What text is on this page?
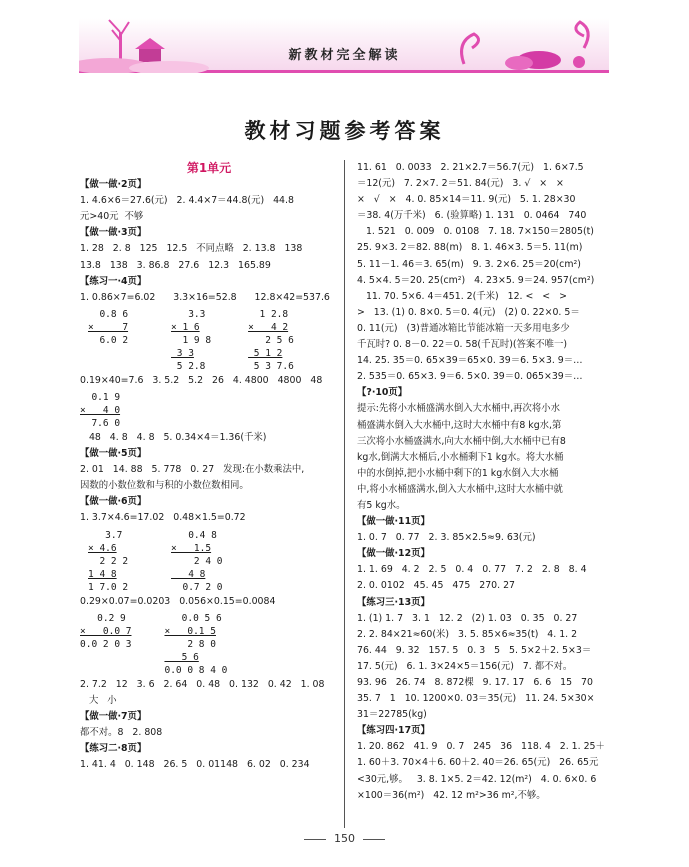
新教材完全解读
教材习题参考答案
第1单元
【做一做·2页】
1. 4.6×6＝27.6(元)   2. 4.4×7＝44.8(元)   44.8
元>40元  不够
【做一做·3页】
1. 28   2. 8   125   12.5   不同点略   2. 13.8   138
13.8   138   3. 86.8   27.6   12.3   165.89
【练习一·4页】
1. 0.86×7=6.02      3.3×16=52.8      12.8×42=537.6
0.8 6
×     7
6.0 2

3.3
× 1 6
1 9 8
3 3
5 2.8

1 2.8
×   4 2
2 5 6
5 1 2
5 3 7.6
0.19×40=7.6   3. 5.2   5.2   26   4. 4800   4800   48
0.1 9
×   4 0
7.6 0
48   4. 8   4. 8   5. 0.34×4＝1.36(千米)
【做一做·5页】
2. 01   14. 88   5. 778   0. 27   发现:在小数乘法中,
因数的小数位数和与积的小数位数相同。
【做一做·6页】
1. 3.7×4.6=17.02   0.48×1.5=0.72
3.7
× 4.6
2 2 2
1 4 8
1 7.0 2

0.4 8
×   1.5
2 4 0
4 8
0.7 2 0
0.29×0.07=0.0203   0.056×0.15=0.0084
0.2 9
×   0.0 7
0.0 2 0 3

0.0 5 6
×   0.1 5
2 8 0
5 6
0.0 0 8 4 0
2. 7.2   12   3. 6   2. 64   0. 48   0. 132   0. 42   1. 08
大   小
【做一做·7页】
都不对。8   2. 808
【练习二·8页】
1. 41. 4   0. 148   26. 5   0. 01148   6. 02   0. 234
11. 61   0. 0033   2. 21×2.7＝56.7(元)   1. 6×7.5
＝12(元)   7. 2×7. 2＝51. 84(元)   3. √   ×   ×
×   √   ×   4. 0. 85×14＝11. 9(元)   5. 1. 28×30
＝38. 4(万千米)   6. (验算略) 1. 131   0. 0464   740
1. 521   0. 009   0. 0108   7. 18. 7×150＝2805(t)
25. 9×3. 2＝82. 88(m)   8. 1. 46×3. 5＝5. 11(m)
5. 11－1. 46＝3. 65(m)   9. 3. 2×6. 25＝20(cm²)
4. 5×4. 5＝20. 25(cm²)   4. 23×5. 9＝24. 957(cm²)
11. 70. 5×6. 4＝451. 2(千米)   12. <   <   >
>   13. (1) 0. 8×0. 5＝0. 4(元)   (2) 0. 22×0. 5＝
0. 11(元)   (3)普通冰箱比节能冰箱一天多用电多少
千瓦时? 0. 8－0. 22＝0. 58(千瓦时)(答案不唯一)
14. 25. 35＝0. 65×39＝65×0. 39＝6. 5×3. 9＝…
2. 535＝0. 65×3. 9＝6. 5×0. 39＝0. 065×39＝…
【?·10页】
提示:先将小水桶盛满水倒入大水桶中,再次将小水
桶盛满水倒入大水桶中,这时大水桶中有8 kg水,第
三次将小水桶盛满水,向大水桶中倒,大水桶中已有8
kg水,倒满大水桶后,小水桶剩下1 kg水。将大水桶
中的水倒掉,把小水桶中剩下的1 kg水倒入大水桶
中,将小水桶盛满水,倒入大水桶中,这时大水桶中就
有5 kg水。
【做一做·11页】
1. 0. 7   0. 77   2. 3. 85×2.5≈9. 63(元)
【做一做·12页】
1. 1. 69   4. 2   2. 5   0. 4   0. 77   7. 2   2. 8   8. 4
2. 0. 0102   45. 45   475   270. 27
【练习三·13页】
1. (1) 1. 7   3. 1   12. 2   (2) 1. 03   0. 35   0. 27
2. 2. 84×21≈60(米)   3. 5. 85×6≈35(t)   4. 1. 2
76. 44   9. 32   157. 5   0. 3   5   5. 5×2＋2. 5×3＝
17. 5(元)   6. 1. 3×24×5＝156(元)   7. 都不对。
93. 96   26. 74   8. 872棵   9. 17. 17   6. 6   15   70
35. 7   1   10. 1200×0. 03＝35(元)   11. 24. 5×30×
31＝22785(kg)
【练习四·17页】
1. 20. 862   41. 9   0. 7   245   36   118. 4   2. 1. 25＋
1. 60＋3. 70×4＋6. 60＋2. 40＝26. 65(元)   26. 65元
<30元,够。   3. 8. 1×5. 2＝42. 12(m²)   4. 0. 6×0. 6
×100＝36(m²)   42. 12 m²>36 m²,不够。
150
